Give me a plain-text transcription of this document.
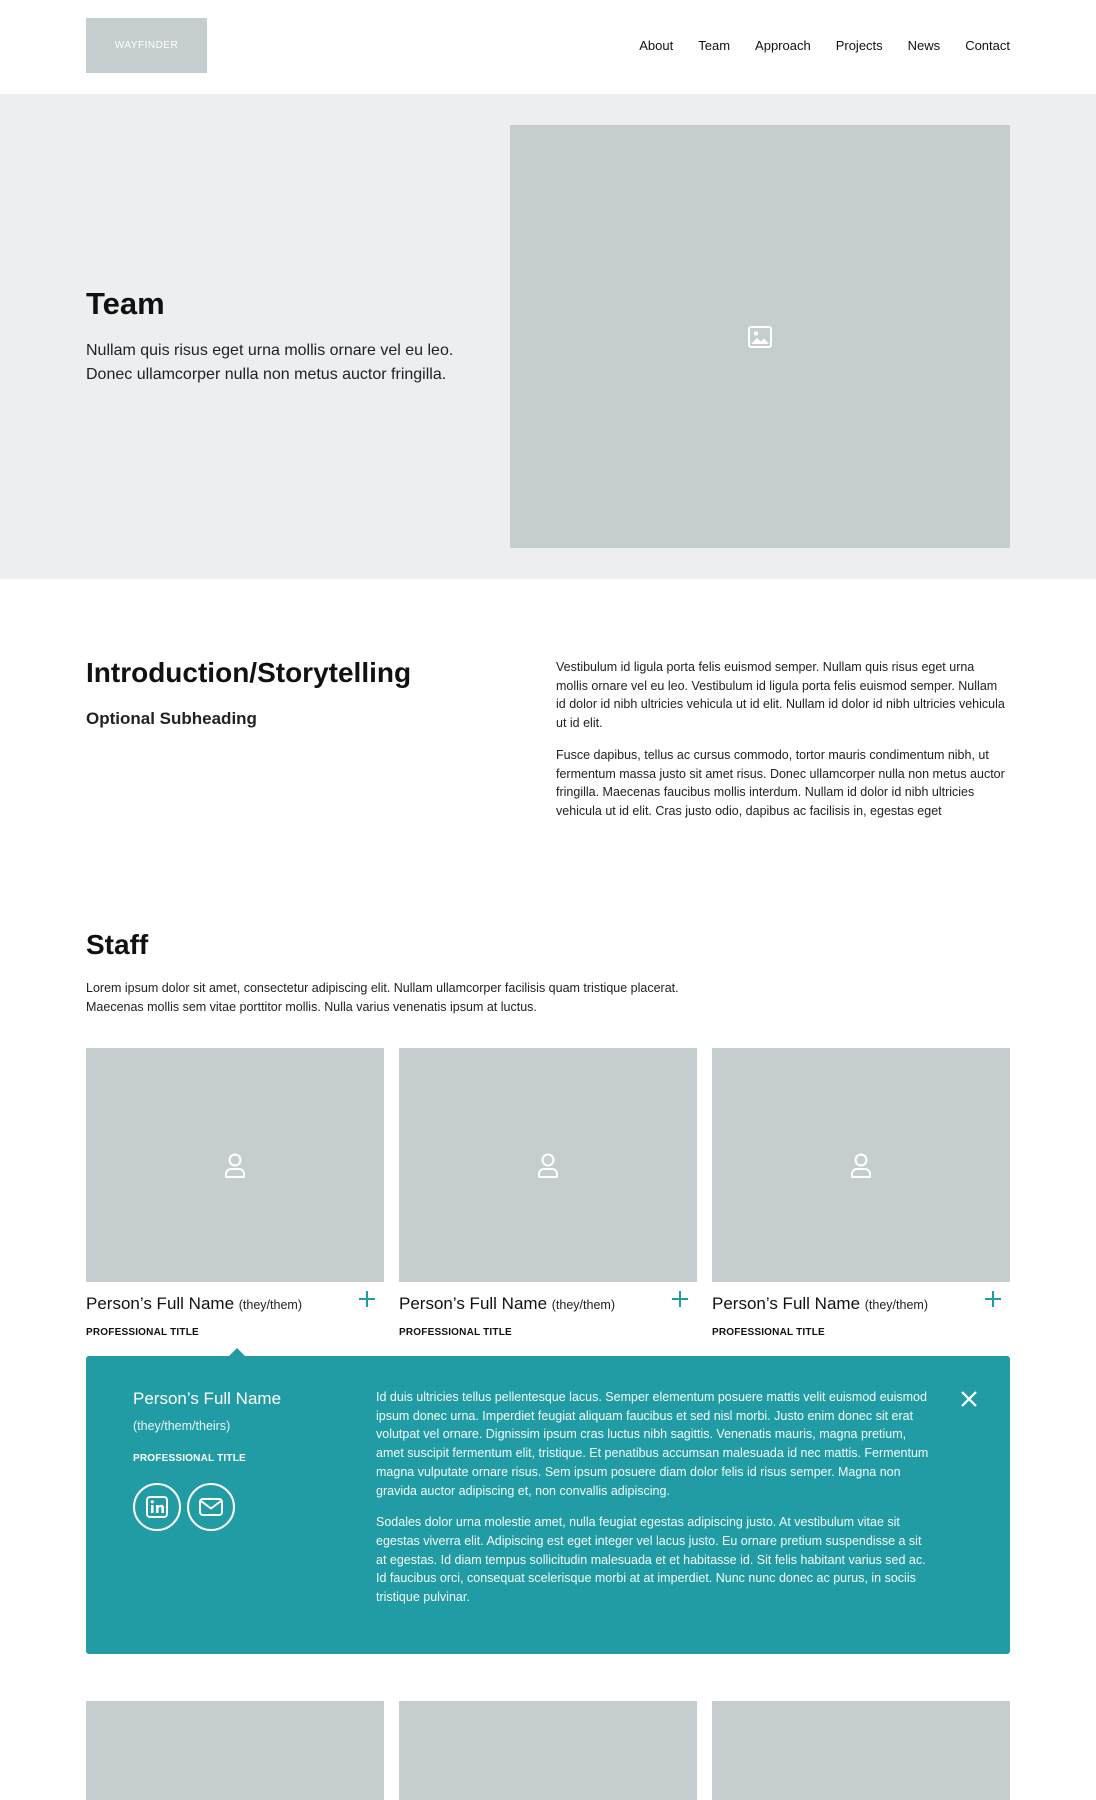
WAYFINDER	About Team Approach Projects News Contact
Team

Nullam quis risus eget urna mollis ornare vel eu leo. Donec ullamcorper nulla non metus auctor fringilla.

Introduction/Storytelling
Optional Subheading

Vestibulum id ligula porta felis euismod semper. Nullam quis risus eget urna mollis ornare vel eu leo. Vestibulum id ligula porta felis euismod semper. Nullam id dolor id nibh ultricies vehicula ut id elit. Nullam id dolor id nibh ultricies vehicula ut id elit.

Fusce dapibus, tellus ac cursus commodo, tortor mauris condimentum nibh, ut fermentum massa justo sit amet risus. Donec ullamcorper nulla non metus auctor fringilla. Maecenas faucibus mollis interdum. Nullam id dolor id nibh ultricies vehicula ut id elit. Cras justo odio, dapibus ac facilisis in, egestas eget

Staff

Lorem ipsum dolor sit amet, consectetur adipiscing elit. Nullam ullamcorper facilisis quam tristique placerat. Maecenas mollis sem vitae porttitor mollis. Nulla varius venenatis ipsum at luctus.

Person’s Full Name (they/them)
PROFESSIONAL TITLE
Person’s Full Name (they/them)
PROFESSIONAL TITLE
Person’s Full Name (they/them)
PROFESSIONAL TITLE
Person’s Full Name
(they/them/theirs)
PROFESSIONAL TITLE

Id duis ultricies tellus pellentesque lacus. Semper elementum posuere mattis velit euismod euismod ipsum donec urna. Imperdiet feugiat aliquam faucibus et sed nisl morbi. Justo enim donec sit erat volutpat vel ornare. Dignissim ipsum cras luctus nibh sagittis. Venenatis mauris, magna pretium, amet suscipit fermentum elit, tristique. Et penatibus accumsan malesuada id nec mattis. Fermentum magna vulputate ornare risus. Sem ipsum posuere diam dolor felis id risus semper. Magna non gravida auctor adipiscing et, non convallis adipiscing.

Sodales dolor urna molestie amet, nulla feugiat egestas adipiscing justo. At vestibulum vitae sit egestas viverra elit. Adipiscing est eget integer vel lacus justo. Eu ornare pretium suspendisse a sit at egestas. Id diam tempus sollicitudin malesuada et et habitasse id. Sit felis habitant varius sed ac. Id faucibus orci, consequat scelerisque morbi at at imperdiet. Nunc nunc donec ac purus, in sociis tristique pulvinar.
